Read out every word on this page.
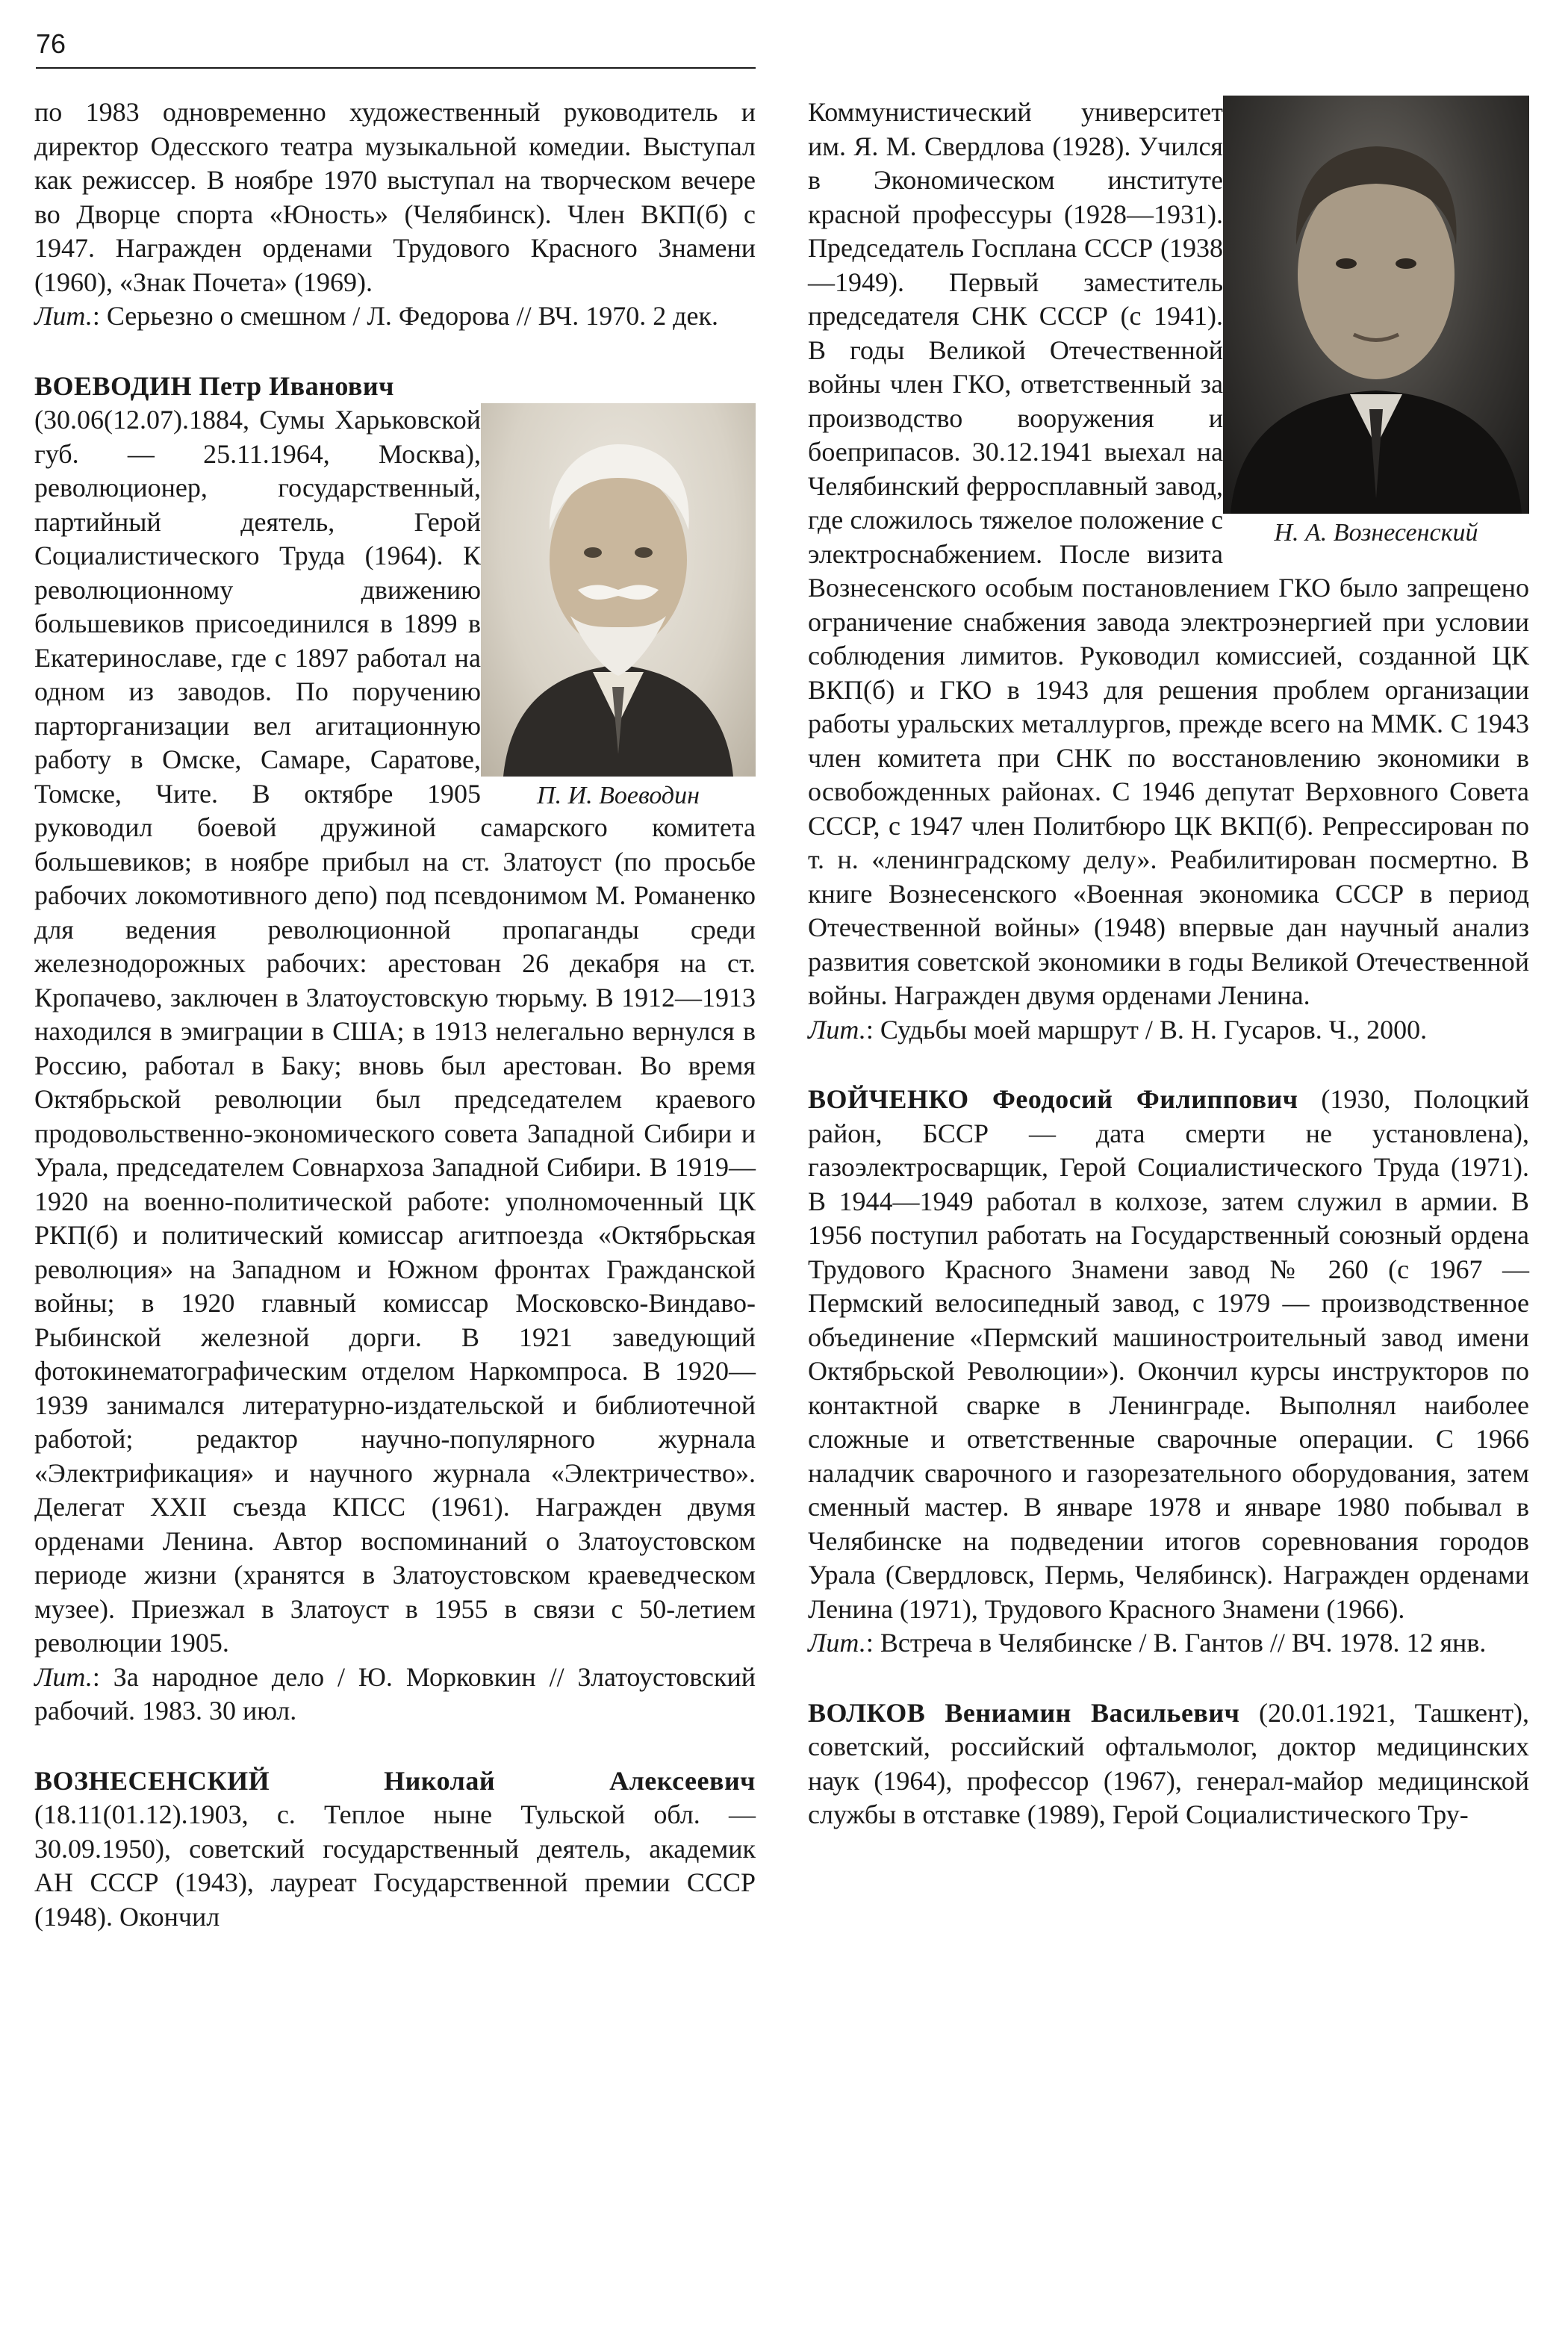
76

по 1983 одновременно художественный руководитель и директор Одесского театра музыкальной комедии. Выступал как режиссер. В ноябре 1970 выступал на творческом вечере во Дворце спорта «Юность» (Челябинск). Член ВКП(б) с 1947. Награжден орденами Трудового Красного Знамени (1960), «Знак Почета» (1969).

Лит.: Серьезно о смешном / Л. Федорова // ВЧ. 1970. 2 дек.

ВОЕВОДИН Петр Иванович

П. И. Воеводин
(30.06(12.07).1884, Сумы Харьковской губ. — 25.11.1964, Москва), революционер, государственный, партийный деятель, Герой Социалистического Труда (1964). К революционному движению большевиков присоединился в 1899 в Екатеринославе, где с 1897 работал на одном из заводов. По поручению парторганизации вел агитационную работу в Омске, Самаре, Саратове, Томске, Чите. В октябре 1905 руководил боевой дружиной самарского комитета большевиков; в ноябре прибыл на ст. Златоуст (по просьбе рабочих локомотивного депо) под псевдонимом М. Романенко для ведения революционной пропаганды среди железнодорожных рабочих: арестован 26 декабря на ст. Кропачево, заключен в Златоустовскую тюрьму. В 1912—1913 находился в эмиграции в США; в 1913 нелегально вернулся в Россию, работал в Баку; вновь был арестован. Во время Октябрьской революции был председателем краевого продовольственно-экономического совета Западной Сибири и Урала, председателем Совнархоза Западной Сибири. В 1919—1920 на военно-политической работе: уполномоченный ЦК РКП(б) и политический комиссар агитпоезда «Октябрьская революция» на Западном и Южном фронтах Гражданской войны; в 1920 главный комиссар Московско-Виндаво-Рыбинской железной дорги. В 1921 заведующий фотокинематографическим отделом Наркомпроса. В 1920—1939 занимался литературно-издательской и библиотечной работой; редактор научно-популярного журнала «Электрификация» и научного журнала «Электричество». Делегат XXII съезда КПСС (1961). Награжден двумя орденами Ленина. Автор воспоминаний о Златоустовском периоде жизни (хранятся в Златоустовском краеведческом музее). Приезжал в Златоуст в 1955 в связи с 50-летием революции 1905.

Лит.: За народное дело / Ю. Морковкин // Златоустовский рабочий. 1983. 30 июл.

ВОЗНЕСЕНСКИЙ Николай Алексеевич (18.11(01.12).1903, с. Теплое ныне Тульской обл. — 30.09.1950), советский государственный деятель, академик АН СССР (1943), лауреат Государственной премии СССР (1948). Окончил

Н. А. Вознесенский
Коммунистический университет им. Я. М. Свердлова (1928). Учился в Экономическом институте красной профессуры (1928—1931). Председатель Госплана СССР (1938—1949). Первый заместитель председателя СНК СССР (с 1941). В годы Великой Отечественной войны член ГКО, ответственный за производство вооружения и боеприпасов. 30.12.1941 выехал на Челябинский ферросплавный завод, где сложилось тяжелое положение с электроснабжением. После визита Вознесенского особым постановлением ГКО было запрещено ограничение снабжения завода электроэнергией при условии соблюдения лимитов. Руководил комиссией, созданной ЦК ВКП(б) и ГКО в 1943 для решения проблем организации работы уральских металлургов, прежде всего на ММК. С 1943 член комитета при СНК по восстановлению экономики в освобожденных районах. С 1946 депутат Верховного Совета СССР, с 1947 член Политбюро ЦК ВКП(б). Репрессирован по т. н. «ленинградскому делу». Реабилитирован посмертно. В книге Вознесенского «Военная экономика СССР в период Отечественной войны» (1948) впервые дан научный анализ развития советской экономики в годы Великой Отечественной войны. Награжден двумя орденами Ленина.

Лит.: Судьбы моей маршрут / В. Н. Гусаров. Ч., 2000.

ВОЙЧЕНКО Феодосий Филиппович (1930, Полоцкий район, БССР — дата смерти не установлена), газоэлектросварщик, Герой Социалистического Труда (1971). В 1944—1949 работал в колхозе, затем служил в армии. В 1956 поступил работать на Государственный союзный ордена Трудового Красного Знамени завод № 260 (с 1967 — Пермский велосипедный завод, с 1979 — производственное объединение «Пермский машиностроительный завод имени Октябрьской Революции»). Окончил курсы инструкторов по контактной сварке в Ленинграде. Выполнял наиболее сложные и ответственные сварочные операции. С 1966 наладчик сварочного и газорезательного оборудования, затем сменный мастер. В январе 1978 и январе 1980 побывал в Челябинске на подведении итогов соревнования городов Урала (Свердловск, Пермь, Челябинск). Награжден орденами Ленина (1971), Трудового Красного Знамени (1966).

Лит.: Встреча в Челябинске / В. Гантов // ВЧ. 1978. 12 янв.

ВОЛКОВ Вениамин Васильевич (20.01.1921, Ташкент), советский, российский офтальмолог, доктор медицинских наук (1964), профессор (1967), генерал-майор медицинской службы в отставке (1989), Герой Социалистического Тру-
